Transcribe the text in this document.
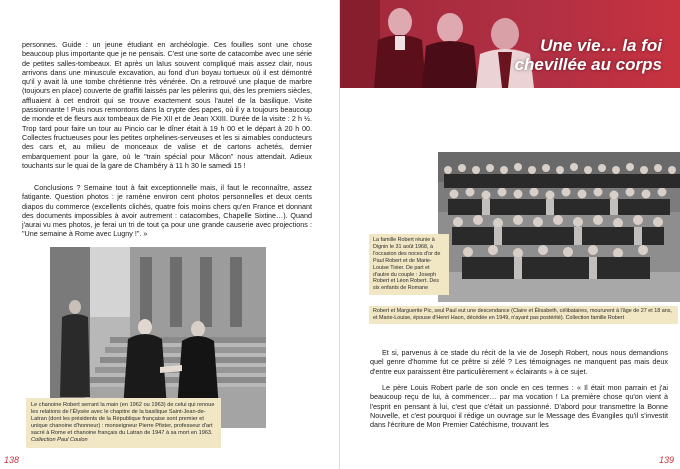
personnes. Guide : un jeune étudiant en archéologie. Ces fouilles sont une chose beaucoup plus importante que je ne pensais. C'est une sorte de catacombe avec une série de petites salles-tombeaux. Et après un laïus souvent compliqué mais assez clair, nous arrivons dans une minuscule excavation, au fond d'un boyau tortueux où il est démontré qu'il y avait là une tombe chrétienne très vénérée. On a retrouvé une plaque de marbre (toujours en place) couverte de graffiti laissés par les pèlerins qui, dès les premiers siècles, affluaient à cet endroit qui se trouve exactement sous l'autel de la basilique. Visite passionnante ! Puis nous remontons dans la crypte des papes, où il y a toujours beaucoup de monde et de fleurs aux tombeaux de Pie XII et de Jean XXIII. Durée de la visite : 2 h ½. Trop tard pour faire un tour au Pincio car le dîner était à 19 h 00 et le départ à 20 h 00. Collectes fructueuses pour les petites orphelines-serveuses et les si aimables conducteurs des cars et, au milieu de monceaux de valise et de cartons achetés, dernier embarquement pour la gare, où le "train spécial pour Mâcon" nous attendait. Adieux touchants sur le quai de la gare de Chambéry à 11 h 30 le samedi 15 !
Conclusions ? Semaine tout à fait exceptionnelle mais, il faut le reconnaître, assez fatigante. Question photos : je ramène environ cent photos personnelles et deux cents diapos du commerce (excellents clichés, quatre fois moins chers qu'en France et donnant des documents impossibles à avoir autrement : catacombes, Chapelle Sixtine…). Quand j'aurai vu mes photos, je ferai un tri de tout ça pour une grande causerie avec projections : "Une semaine à Rome avec Lugny !". »
Le chanoine Robert serrant la main (en 1962 ou 1963) de celui qui renoue les relations de l'Élysée avec le chapitre de la basilique Saint-Jean-de-Latran (dont les présidents de la République française sont premier et unique chanoine d'honneur) : monseigneur Pierre Pfister, professeur d'art sacré à Rome et chanoine français du Latran de 1947 à sa mort en 1963. Collection Paul Coulon
138
Une vie… la foi
chevillée au corps
139
La famille Robert réunie à Dignin le 31 août 1968, à l'occasion des noces d'or de Paul Robert et de Marie-Louise Tixier. De part et d'autre du couple : Joseph Robert et Léon Robert. Des six enfants de Romane
Robert et Marguerite Pic, seul Paul eut une descendance (Claire et Élisabeth, célibataires, moururent à l'âge de 27 et 18 ans, et Marie-Louise, épouse d'Henri Haon, décédée en 1949, n'ayant pas postérité). Collection famille Robert
Et si, parvenus à ce stade du récit de la vie de Joseph Robert, nous nous demandions quel genre d'homme fut ce prêtre si zélé ? Les témoignages ne manquent pas mais deux d'entre eux paraissent être particulièrement « éclairants » à ce sujet.
Le père Louis Robert parle de son oncle en ces termes : « Il était mon parrain et j'ai beaucoup reçu de lui, à commencer… par ma vocation ! La première chose qu'on vient à l'esprit en pensant à lui, c'est que c'était un passionné. D'abord pour transmettre la Bonne Nouvelle, et c'est pourquoi il rédige un ouvrage sur le Message des Évangiles qu'il s'investit dans l'écriture de Mon Premier Catéchisme, trouvant les
